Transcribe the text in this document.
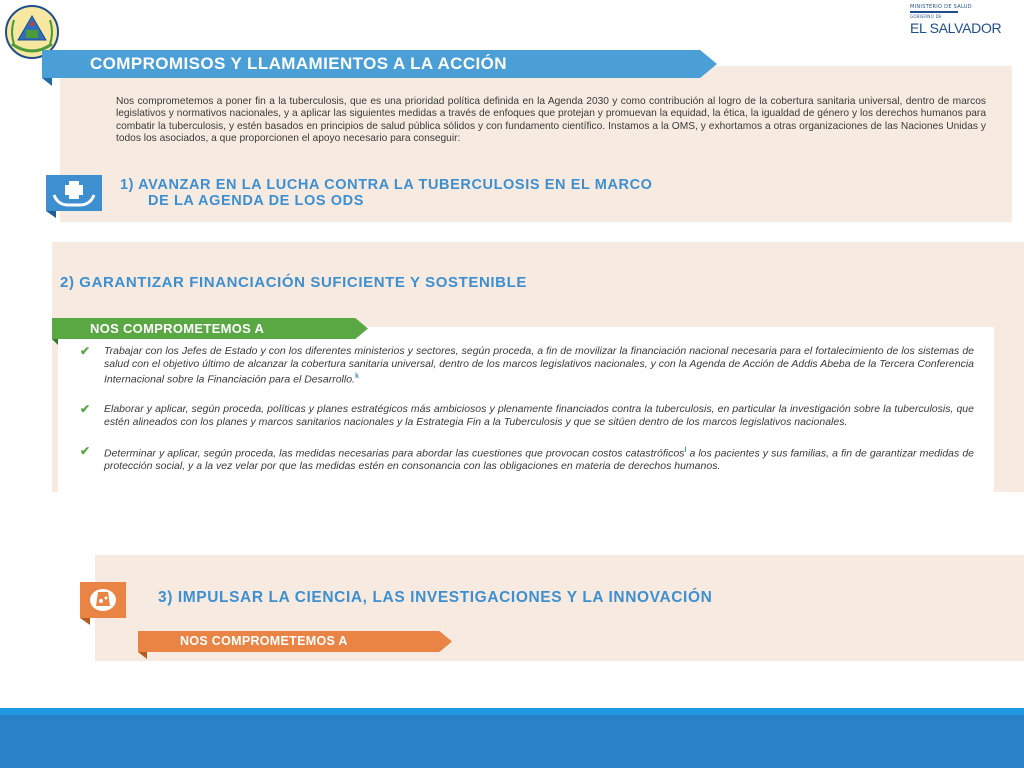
MINISTERIO DE SALUD
GOBIERNO DE
EL SALVADOR
COMPROMISOS Y LLAMAMIENTOS A LA ACCIÓN
Nos comprometemos a poner fin a la tuberculosis, que es una prioridad política definida en la Agenda 2030 y como contribución al logro de la cobertura sanitaria universal, dentro de marcos legislativos y normativos nacionales, y a aplicar las siguientes medidas a través de enfoques que protejan y promuevan la equidad, la ética, la igualdad de género y los derechos humanos para combatir la tuberculosis, y estén basados en principios de salud pública sólidos y con fundamento científico. Instamos a la OMS, y exhortamos a otras organizaciones de las Naciones Unidas y todos los asociados, a que proporcionen el apoyo necesario para conseguir:
1) AVANZAR EN LA LUCHA CONTRA LA TUBERCULOSIS EN EL MARCO
DE LA AGENDA DE LOS ODS
2) GARANTIZAR FINANCIACIÓN SUFICIENTE Y SOSTENIBLE
NOS COMPROMETEMOS A
✔	Trabajar con los Jefes de Estado y con los diferentes ministerios y sectores, según proceda, a fin de movilizar la financiación nacional necesaria para el fortalecimiento de los sistemas de salud con el objetivo último de alcanzar la cobertura sanitaria universal, dentro de los marcos legislativos nacionales, y con la Agenda de Acción de Addis Abeba de la Tercera Conferencia Internacional sobre la Financiación para el Desarrollo.$^k$
✔	Elaborar y aplicar, según proceda, políticas y planes estratégicos más ambiciosos y plenamente financiados contra la tuberculosis, en particular la investigación sobre la tuberculosis, que estén alineados con los planes y marcos sanitarios nacionales y la Estrategia Fin a la Tuberculosis y que se sitúen dentro de los marcos legislativos nacionales.
✔	Determinar y aplicar, según proceda, las medidas necesarias para abordar las cuestiones que provocan costos catastróficos$^l$ a los pacientes y sus familias, a fin de garantizar medidas de protección social, y a la vez velar por que las medidas estén en consonancia con las obligaciones en materia de derechos humanos.
3) IMPULSAR LA CIENCIA, LAS INVESTIGACIONES Y LA INNOVACIÓN
NOS COMPROMETEMOS A
